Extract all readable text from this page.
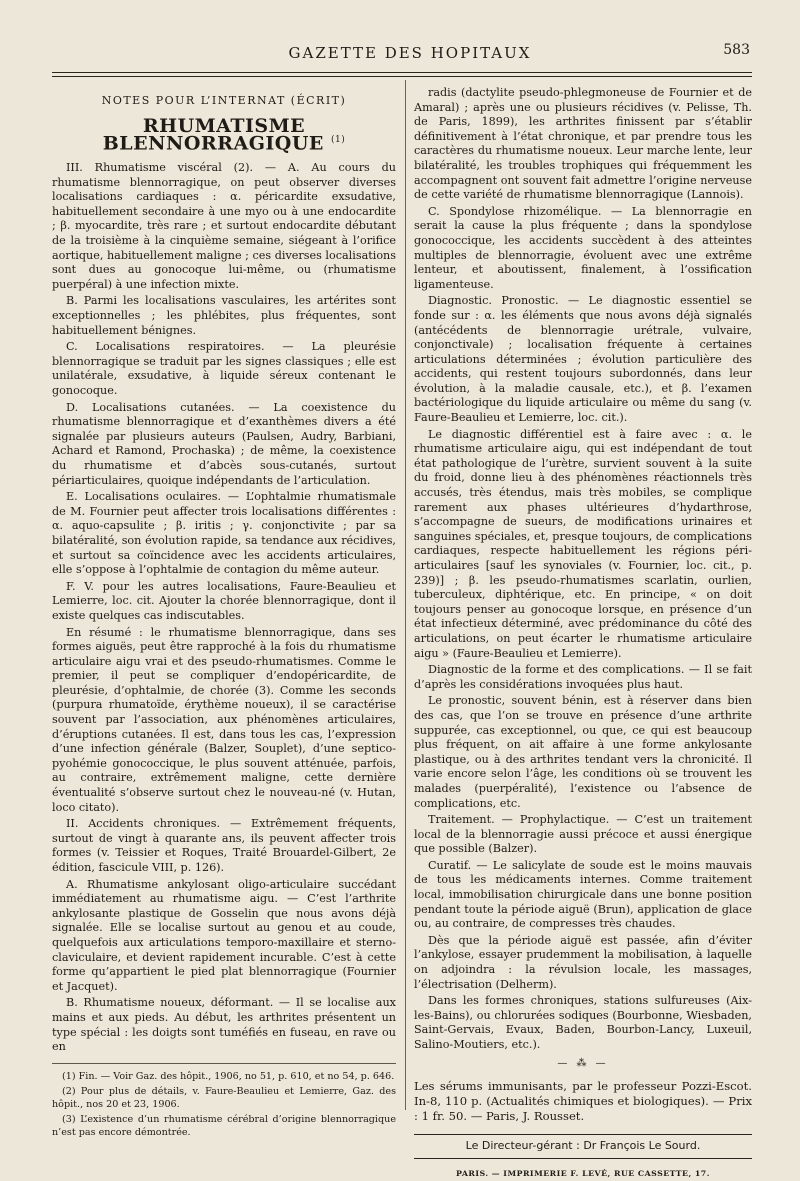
GAZETTE DES HOPITAUX	583
NOTES POUR L’INTERNAT (ÉCRIT)
RHUMATISME BLENNORRAGIQUE $^{(1)}$

III. Rhumatisme viscéral (2). — A. Au cours du rhumatisme blennorragique, on peut observer diverses localisations cardiaques : α. péricardite exsudative, habituellement secondaire à une myo ou à une endocardite ; β. myocardite, très rare ; et surtout endocardite débutant de la troisième à la cinquième semaine, siégeant à l’orifice aortique, habituellement maligne ; ces diverses localisations sont dues au gonocoque lui-même, ou (rhumatisme puerpéral) à une infection mixte.

B. Parmi les localisations vasculaires, les artérites sont exceptionnelles ; les phlébites, plus fréquentes, sont habituellement bénignes.

C. Localisations respiratoires. — La pleurésie blennorragique se traduit par les signes classiques ; elle est unilatérale, exsudative, à liquide séreux contenant le gonocoque.

D. Localisations cutanées. — La coexistence du rhumatisme blennorragique et d’exanthèmes divers a été signalée par plusieurs auteurs (Paulsen, Audry, Barbiani, Achard et Ramond, Prochaska) ; de même, la coexistence du rhumatisme et d’abcès sous-cutanés, surtout périarticulaires, quoique indépendants de l’articulation.

E. Localisations oculaires. — L’ophtalmie rhumatismale de M. Fournier peut affecter trois localisations différentes : α. aquo-capsulite ; β. iritis ; γ. conjonctivite ; par sa bilatéralité, son évolution rapide, sa tendance aux récidives, et surtout sa coïncidence avec les accidents articulaires, elle s’oppose à l’ophtalmie de contagion du même auteur.

F. V. pour les autres localisations, Faure-Beaulieu et Lemierre, loc. cit. Ajouter la chorée blennorragique, dont il existe quelques cas indiscutables.

En résumé : le rhumatisme blennorragique, dans ses formes aiguës, peut être rapproché à la fois du rhumatisme articulaire aigu vrai et des pseudo-rhumatismes. Comme le premier, il peut se compliquer d’endopéricardite, de pleurésie, d’ophtalmie, de chorée (3). Comme les seconds (purpura rhumatoïde, érythème noueux), il se caractérise souvent par l’association, aux phénomènes articulaires, d’éruptions cutanées. Il est, dans tous les cas, l’expression d’une infection générale (Balzer, Souplet), d’une septico-pyohémie gonococcique, le plus souvent atténuée, parfois, au contraire, extrêmement maligne, cette dernière éventualité s’observe surtout chez le nouveau-né (v. Hutan, loco citato).

II. Accidents chroniques. — Extrêmement fréquents, surtout de vingt à quarante ans, ils peuvent affecter trois formes (v. Teissier et Roques, Traité Brouardel-Gilbert, 2e édition, fascicule VIII, p. 126).

A. Rhumatisme ankylosant oligo-articulaire succédant immédiatement au rhumatisme aigu. — C’est l’arthrite ankylosante plastique de Gosselin que nous avons déjà signalée. Elle se localise surtout au genou et au coude, quelquefois aux articulations temporo-maxillaire et sterno-claviculaire, et devient rapidement incurable. C’est à cette forme qu’appartient le pied plat blennorragique (Fournier et Jacquet).

B. Rhumatisme noueux, déformant. — Il se localise aux mains et aux pieds. Au début, les arthrites présentent un type spécial : les doigts sont tuméfiés en fuseau, en rave ou en

(1) Fin. — Voir Gaz. des hôpit., 1906, no 51, p. 610, et no 54, p. 646.

(2) Pour plus de détails, v. Faure-Beaulieu et Lemierre, Gaz. des hôpit., nos 20 et 23, 1906.

(3) L’existence d’un rhumatisme cérébral d’origine blennorragique n’est pas encore démontrée.

radis (dactylite pseudo-phlegmoneuse de Fournier et de Amaral) ; après une ou plusieurs récidives (v. Pelisse, Th. de Paris, 1899), les arthrites finissent par s’établir définitivement à l’état chronique, et par prendre tous les caractères du rhumatisme noueux. Leur marche lente, leur bilatéralité, les troubles trophiques qui fréquemment les accompagnent ont souvent fait admettre l’origine nerveuse de cette variété de rhumatisme blennorragique (Lannois).

C. Spondylose rhizomélique. — La blennorragie en serait la cause la plus fréquente ; dans la spondylose gonococcique, les accidents succèdent à des atteintes multiples de blennorragie, évoluent avec une extrême lenteur, et aboutissent, finalement, à l’ossification ligamenteuse.

Diagnostic. Pronostic. — Le diagnostic essentiel se fonde sur : α. les éléments que nous avons déjà signalés (antécédents de blennorragie urétrale, vulvaire, conjonctivale) ; localisation fréquente à certaines articulations déterminées ; évolution particulière des accidents, qui restent toujours subordonnés, dans leur évolution, à la maladie causale, etc.), et β. l’examen bactériologique du liquide articulaire ou même du sang (v. Faure-Beaulieu et Lemierre, loc. cit.).

Le diagnostic différentiel est à faire avec : α. le rhumatisme articulaire aigu, qui est indépendant de tout état pathologique de l’urètre, survient souvent à la suite du froid, donne lieu à des phénomènes réactionnels très accusés, très étendus, mais très mobiles, se complique rarement aux phases ultérieures d’hydarthrose, s’accompagne de sueurs, de modifications urinaires et sanguines spéciales, et, presque toujours, de complications cardiaques, respecte habituellement les régions péri-articulaires [sauf les synoviales (v. Fournier, loc. cit., p. 239)] ; β. les pseudo-rhumatismes scarlatin, ourlien, tuberculeux, diphtérique, etc. En principe, « on doit toujours penser au gonocoque lorsque, en présence d’un état infectieux déterminé, avec prédominance du côté des articulations, on peut écarter le rhumatisme articulaire aigu » (Faure-Beaulieu et Lemierre).

Diagnostic de la forme et des complications. — Il se fait d’après les considérations invoquées plus haut.

Le pronostic, souvent bénin, est à réserver dans bien des cas, que l’on se trouve en présence d’une arthrite suppurée, cas exceptionnel, ou que, ce qui est beaucoup plus fréquent, on ait affaire à une forme ankylosante plastique, ou à des arthrites tendant vers la chronicité. Il varie encore selon l’âge, les conditions où se trouvent les malades (puerpéralité), l’existence ou l’absence de complications, etc.

Traitement. — Prophylactique. — C’est un traitement local de la blennorragie aussi précoce et aussi énergique que possible (Balzer).

Curatif. — Le salicylate de soude est le moins mauvais de tous les médicaments internes. Comme traitement local, immobilisation chirurgicale dans une bonne position pendant toute la période aiguë (Brun), application de glace ou, au contraire, de compresses très chaudes.

Dès que la période aiguë est passée, afin d’éviter l’ankylose, essayer prudemment la mobilisation, à laquelle on adjoindra : la révulsion locale, les massages, l’électrisation (Delherm).

Dans les formes chroniques, stations sulfureuses (Aix-les-Bains), ou chlorurées sodiques (Bourbonne, Wiesbaden, Saint-Gervais, Evaux, Baden, Bourbon-Lancy, Luxeuil, Salino-Moutiers, etc.).

— ⁂ —
Les sérums immunisants, par le professeur Pozzi-Escot. In-8, 110 p. (Actualités chimiques et biologiques). — Prix : 1 fr. 50. — Paris, J. Rousset.
Le Directeur-gérant : Dr François Le Sourd.
PARIS. — IMPRIMERIE F. LEVÉ, RUE CASSETTE, 17.
